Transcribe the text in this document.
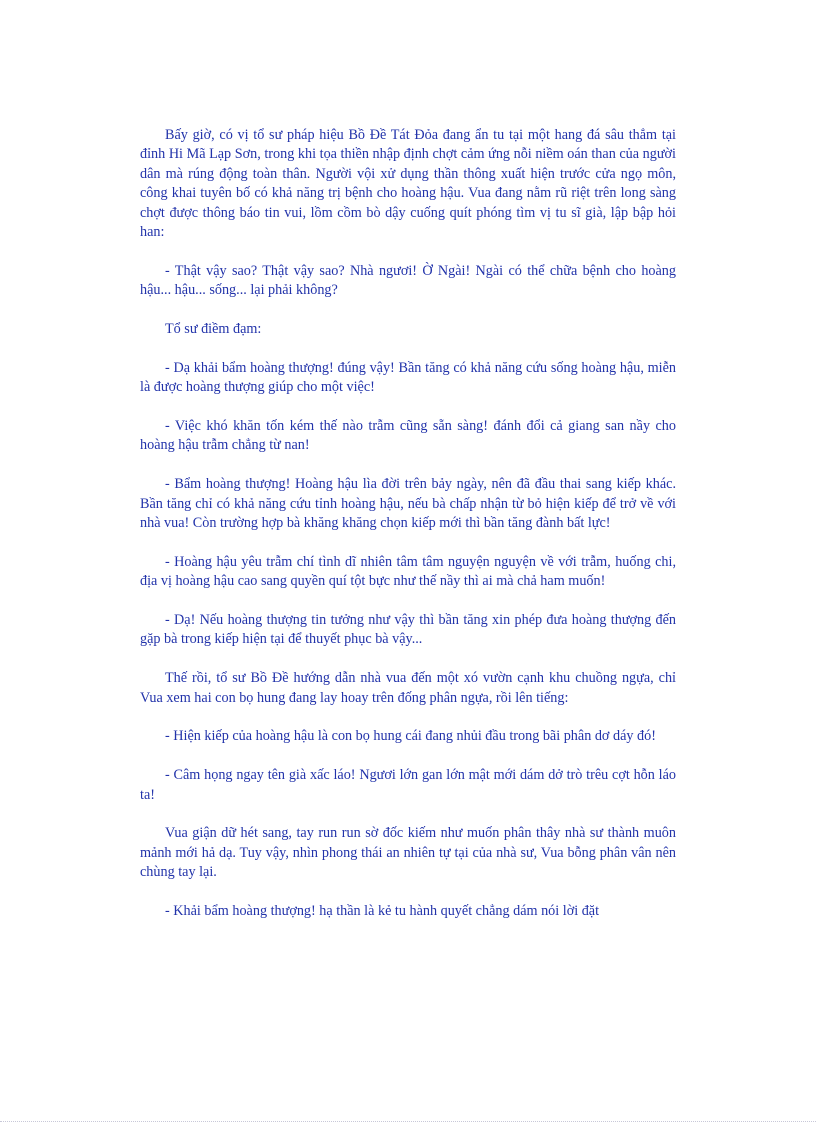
Bấy giờ, có vị tổ sư pháp hiệu Bồ Đề Tát Đỏa đang ẩn tu tại một hang đá sâu thẳm tại đỉnh Hi Mã Lạp Sơn, trong khi tọa thiền nhập định chợt cảm ứng nỗi niềm oán than của người dân mà rúng động toàn thân. Người vội xử dụng thần thông xuất hiện trước cửa ngọ môn, công khai tuyên bố có khả năng trị bệnh cho hoàng hậu. Vua đang nằm rũ riệt trên long sàng chợt được thông báo tin vui, lồm cồm bò dậy cuống quít phóng tìm vị tu sĩ già, lập bập hỏi han:

- Thật vậy sao? Thật vậy sao? Nhà ngươi! Ờ Ngài! Ngài có thể chữa bệnh cho hoàng hậu... hậu... sống... lại phải không?

Tổ sư điềm đạm:

- Dạ khải bẩm hoàng thượng! đúng vậy! Bần tăng có khả năng cứu sống hoàng hậu, miễn là được hoàng thượng giúp cho một việc!

- Việc khó khăn tốn kém thế nào trẫm cũng sẵn sàng! đánh đổi cả giang san nầy cho hoàng hậu trẫm chẳng từ nan!

- Bẩm hoàng thượng! Hoàng hậu lìa đời trên bảy ngày, nên đã đầu thai sang kiếp khác. Bần tăng chỉ có khả năng cứu tỉnh hoàng hậu, nếu bà chấp nhận từ bỏ hiện kiếp để trở về với nhà vua! Còn trường hợp bà khăng khăng chọn kiếp mới thì bần tăng đành bất lực!

- Hoàng hậu yêu trẫm chí tình dĩ nhiên tâm tâm nguyện nguyện về với trẫm, huống chi, địa vị hoàng hậu cao sang quyền quí tột bực như thế nầy thì ai mà chả ham muốn!

- Dạ! Nếu hoàng thượng tin tưởng như vậy thì bần tăng xin phép đưa hoàng thượng đến gặp bà trong kiếp hiện tại để thuyết phục bà vậy...

Thế rồi, tổ sư Bồ Đề hướng dẫn nhà vua đến một xó vườn cạnh khu chuồng ngựa, chỉ Vua xem hai con bọ hung đang lay hoay trên đống phân ngựa, rồi lên tiếng:

- Hiện kiếp của hoàng hậu là con bọ hung cái đang nhủi đầu trong bãi phân dơ dáy đó!

- Câm họng ngay tên già xấc láo! Ngươi lớn gan lớn mật mới dám dở trò trêu cợt hỗn láo ta!

Vua giận dữ hét sang, tay run run sờ đốc kiếm như muốn phân thây nhà sư thành muôn mảnh mới hả dạ. Tuy vậy, nhìn phong thái an nhiên tự tại của nhà sư, Vua bỗng phân vân nên chùng tay lại.

- Khải bẩm hoàng thượng! hạ thần là kẻ tu hành quyết chẳng dám nói lời đặt
